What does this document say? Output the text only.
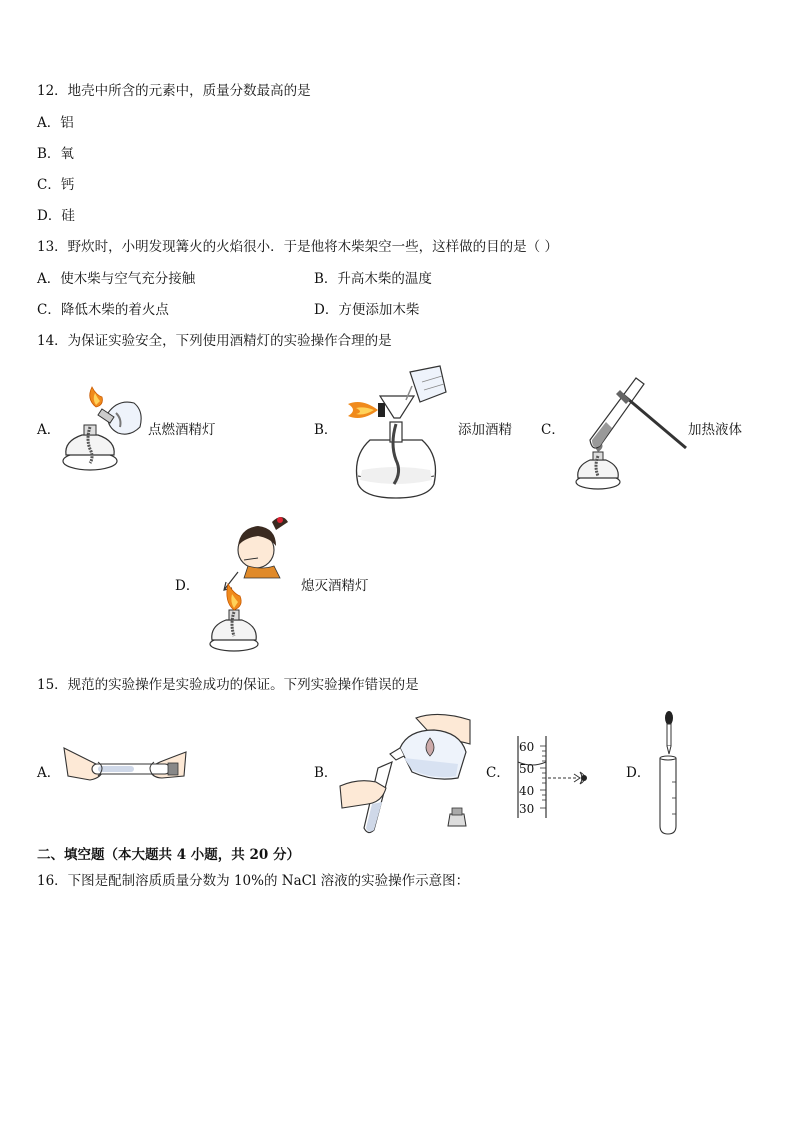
12．地壳中所含的元素中，质量分数最高的是
A．铝
B．氧
C．钙
D．硅
13．野炊时，小明发现篝火的火焰很小．于是他将木柴架空一些，这样做的目的是（ ）
A．使木柴与空气充分接触	B．升高木柴的温度
C．降低木柴的着火点	D．方便添加木柴
14．为保证实验安全，下列使用酒精灯的实验操作合理的是
A．	点燃酒精灯	B．	添加酒精 C．	加热液体
D．	熄灭酒精灯
15．规范的实验操作是实验成功的保证。下列实验操作错误的是
A．	B．	C．
60
50
40
30
D．
二、填空题（本大题共 4 小题，共 20 分）
16．下图是配制溶质质量分数为 10%的 NaCl 溶液的实验操作示意图：
